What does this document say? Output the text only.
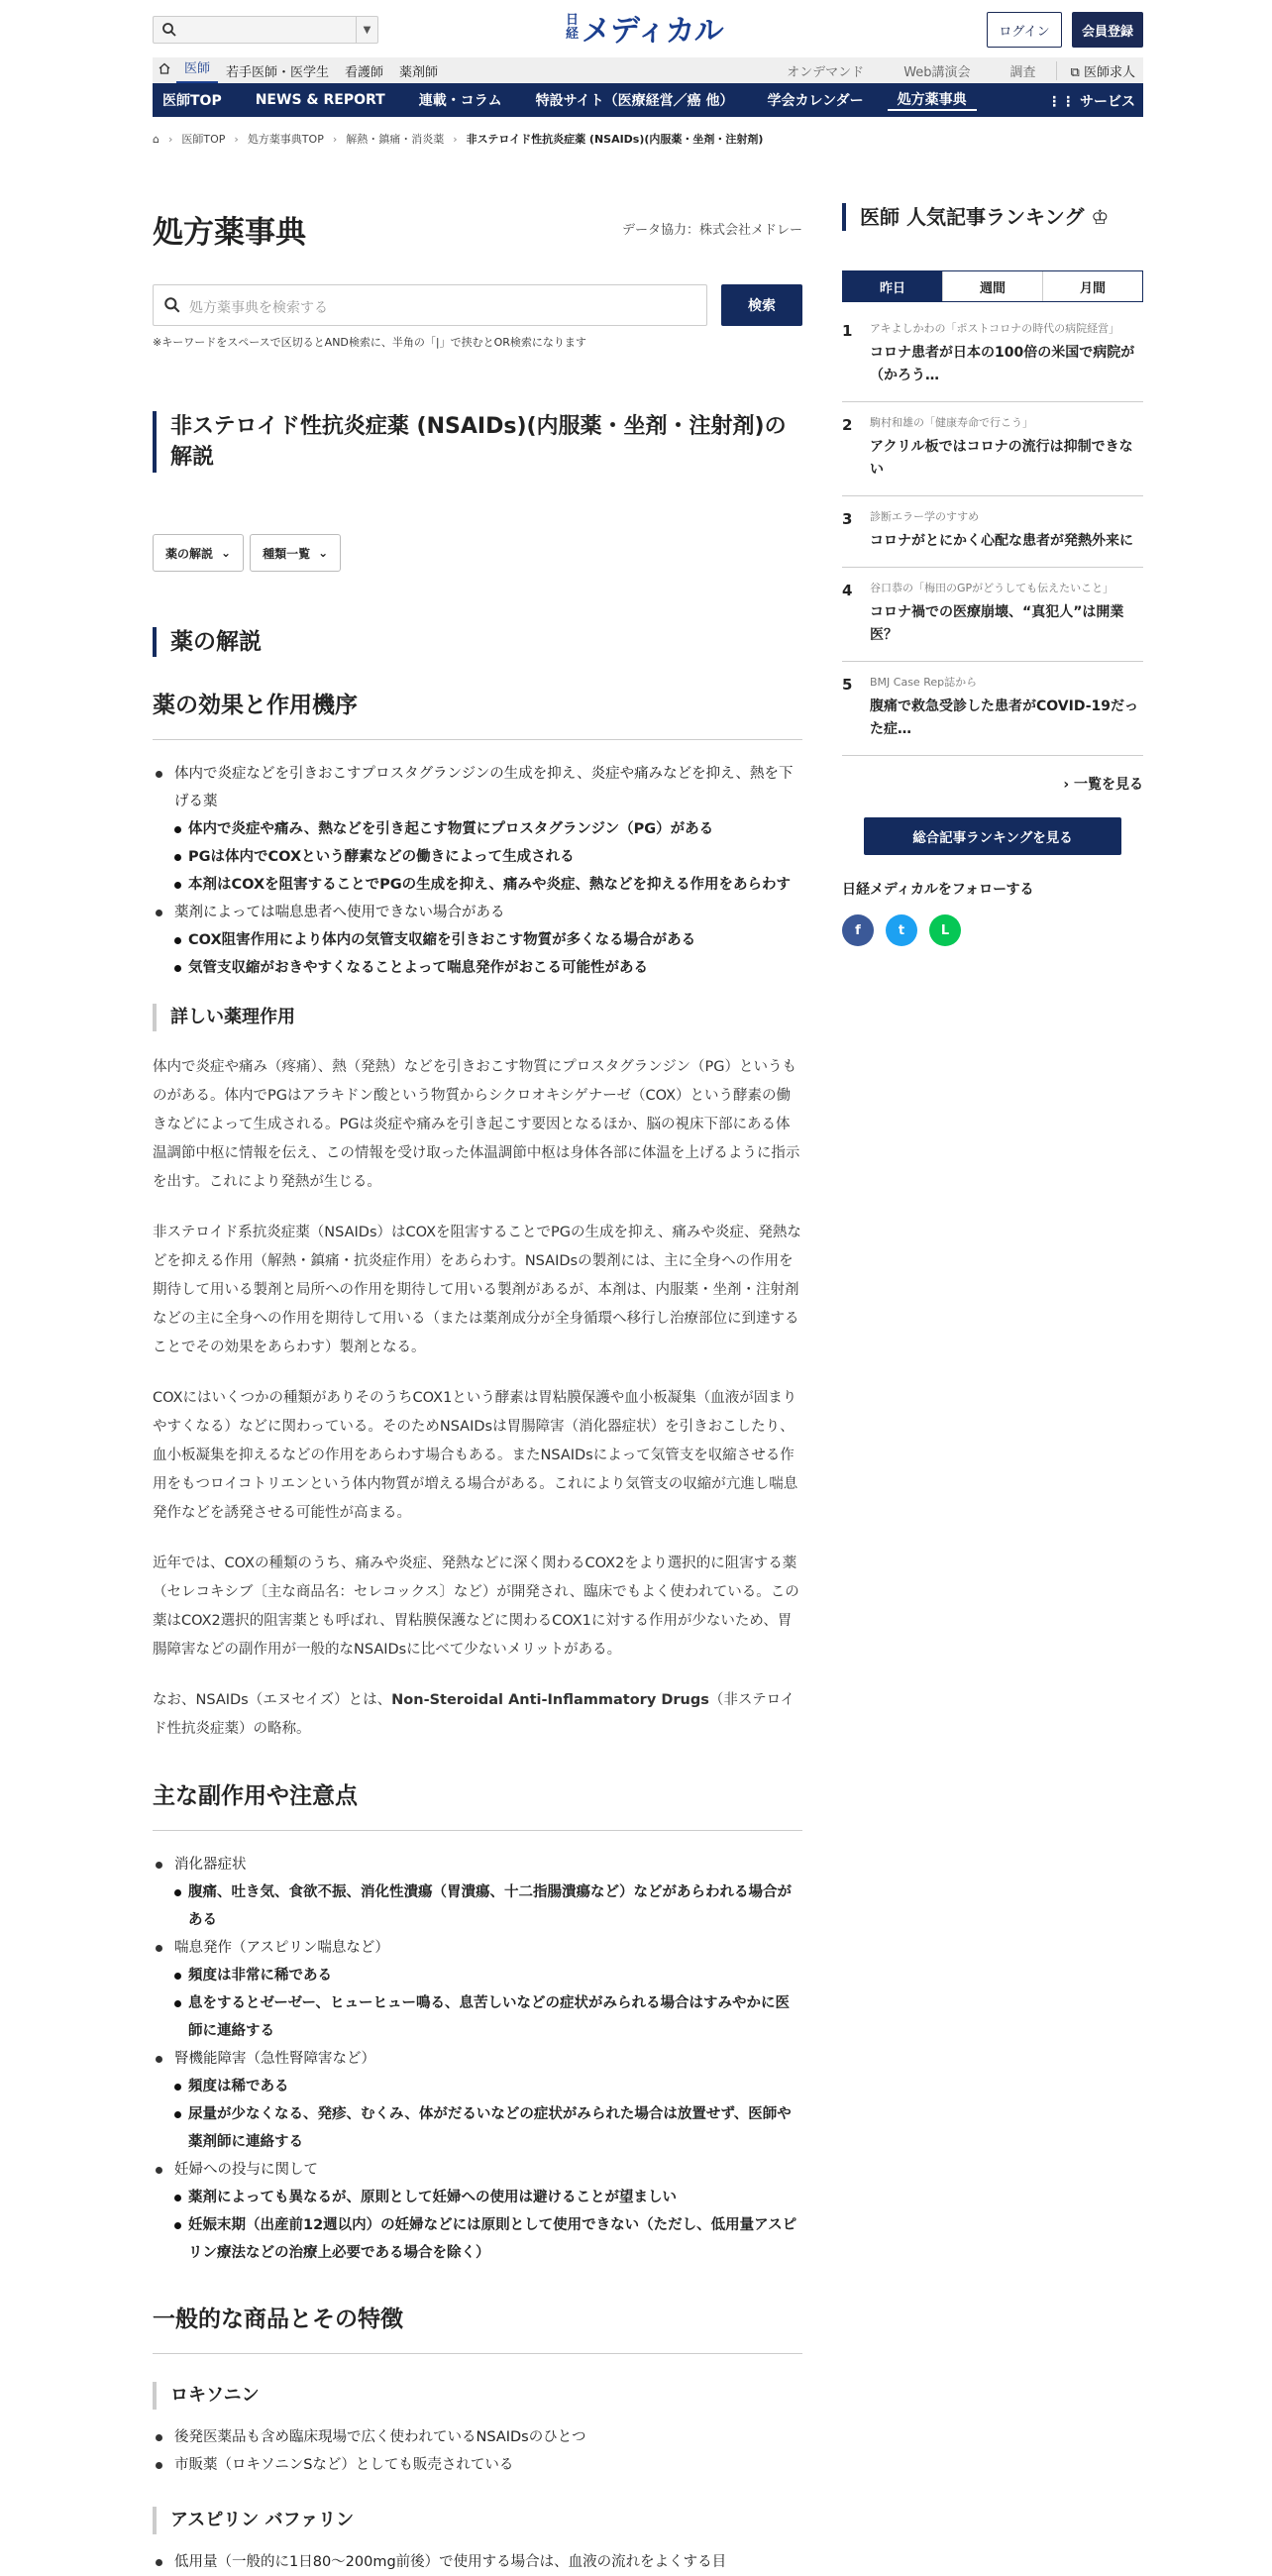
▼
日
経 メディカル	ログイン	会員登録
医師	若手医師・医学生	看護師	薬剤師	オンデマンド	Web講演会	調査	⧉ 医師求人
医師TOP	NEWS & REPORT	連載・コラム	特設サイト（医療経営／癌 他）	学会カレンダー	処方薬事典	⋮⋮ サービス
⌂ › 医師TOP › 処方薬事典TOP › 解熱・鎮痛・消炎薬 › 非ステロイド性抗炎症薬 (NSAIDs)(内服薬・坐剤・注射剤)
処方薬事典	データ協力：株式会社メドレー
処方薬事典を検索する	検索
※キーワードをスペースで区切るとAND検索に、半角の「|」で挟むとOR検索になります
非ステロイド性抗炎症薬 (NSAIDs)(内服薬・坐剤・注射剤)の解説
薬の解説 ⌄	種類一覧 ⌄
薬の解説
薬の効果と作用機序
体内で炎症などを引きおこすプロスタグランジンの生成を抑え、炎症や痛みなどを抑え、熱を下げる薬
体内で炎症や痛み、熱などを引き起こす物質にプロスタグランジン（PG）がある
PGは体内でCOXという酵素などの働きによって生成される
本剤はCOXを阻害することでPGの生成を抑え、痛みや炎症、熱などを抑える作用をあらわす
薬剤によっては喘息患者へ使用できない場合がある
COX阻害作用により体内の気管支収縮を引きおこす物質が多くなる場合がある
気管支収縮がおきやすくなることよって喘息発作がおこる可能性がある
詳しい薬理作用

体内で炎症や痛み（疼痛）、熱（発熱）などを引きおこす物質にプロスタグランジン（PG）というものがある。体内でPGはアラキドン酸という物質からシクロオキシゲナーゼ（COX）という酵素の働きなどによって生成される。PGは炎症や痛みを引き起こす要因となるほか、脳の視床下部にある体温調節中枢に情報を伝え、この情報を受け取った体温調節中枢は身体各部に体温を上げるように指示を出す。これにより発熱が生じる。

非ステロイド系抗炎症薬（NSAIDs）はCOXを阻害することでPGの生成を抑え、痛みや炎症、発熱などを抑える作用（解熱・鎮痛・抗炎症作用）をあらわす。NSAIDsの製剤には、主に全身への作用を期待して用いる製剤と局所への作用を期待して用いる製剤があるが、本剤は、内服薬・坐剤・注射剤などの主に全身への作用を期待して用いる（または薬剤成分が全身循環へ移行し治療部位に到達することでその効果をあらわす）製剤となる。

COXにはいくつかの種類がありそのうちCOX1という酵素は胃粘膜保護や血小板凝集（血液が固まりやすくなる）などに関わっている。そのためNSAIDsは胃腸障害（消化器症状）を引きおこしたり、血小板凝集を抑えるなどの作用をあらわす場合もある。またNSAIDsによって気管支を収縮させる作用をもつロイコトリエンという体内物質が増える場合がある。これにより気管支の収縮が亢進し喘息発作などを誘発させる可能性が高まる。

近年では、COXの種類のうち、痛みや炎症、発熱などに深く関わるCOX2をより選択的に阻害する薬（セレコキシブ〔主な商品名：セレコックス〕など）が開発され、臨床でもよく使われている。この薬はCOX2選択的阻害薬とも呼ばれ、胃粘膜保護などに関わるCOX1に対する作用が少ないため、胃腸障害などの副作用が一般的なNSAIDsに比べて少ないメリットがある。

なお、NSAIDs（エヌセイズ）とは、Non-Steroidal Anti-Inflammatory Drugs（非ステロイド性抗炎症薬）の略称。

主な副作用や注意点
消化器症状
腹痛、吐き気、食欲不振、消化性潰瘍（胃潰瘍、十二指腸潰瘍など）などがあらわれる場合がある
喘息発作（アスピリン喘息など）
頻度は非常に稀である
息をするとゼーゼー、ヒューヒュー鳴る、息苦しいなどの症状がみられる場合はすみやかに医師に連絡する
腎機能障害（急性腎障害など）
頻度は稀である
尿量が少なくなる、発疹、むくみ、体がだるいなどの症状がみられた場合は放置せず、医師や薬剤師に連絡する
妊婦への投与に関して
薬剤によっても異なるが、原則として妊婦への使用は避けることが望ましい
妊娠末期（出産前12週以内）の妊婦などには原則として使用できない（ただし、低用量アスピリン療法などの治療上必要である場合を除く）
一般的な商品とその特徴
ロキソニン
後発医薬品も含め臨床現場で広く使われているNSAIDsのひとつ
市販薬（ロキソニンSなど）としても販売されている
アスピリン バファリン
低用量（一般的に1日80〜200mg前後）で使用する場合は、血液の流れをよくする目
医師 人気記事ランキング ♔
昨日	週間	月間
1	アキよしかわの「ポストコロナの時代の病院経営」
コロナ患者が日本の100倍の米国で病院が（かろう…
2	駒村和雄の「健康寿命で行こう」
アクリル板ではコロナの流行は抑制できない
3	診断エラー学のすすめ
コロナがとにかく心配な患者が発熱外来に
4	谷口恭の「梅田のGPがどうしても伝えたいこと」
コロナ禍での医療崩壊、“真犯人”は開業医？
5	BMJ Case Rep誌から
腹痛で救急受診した患者がCOVID-19だった症…
› 一覧を見る
総合記事ランキングを見る
日経メディカルをフォローする
f	t	L
